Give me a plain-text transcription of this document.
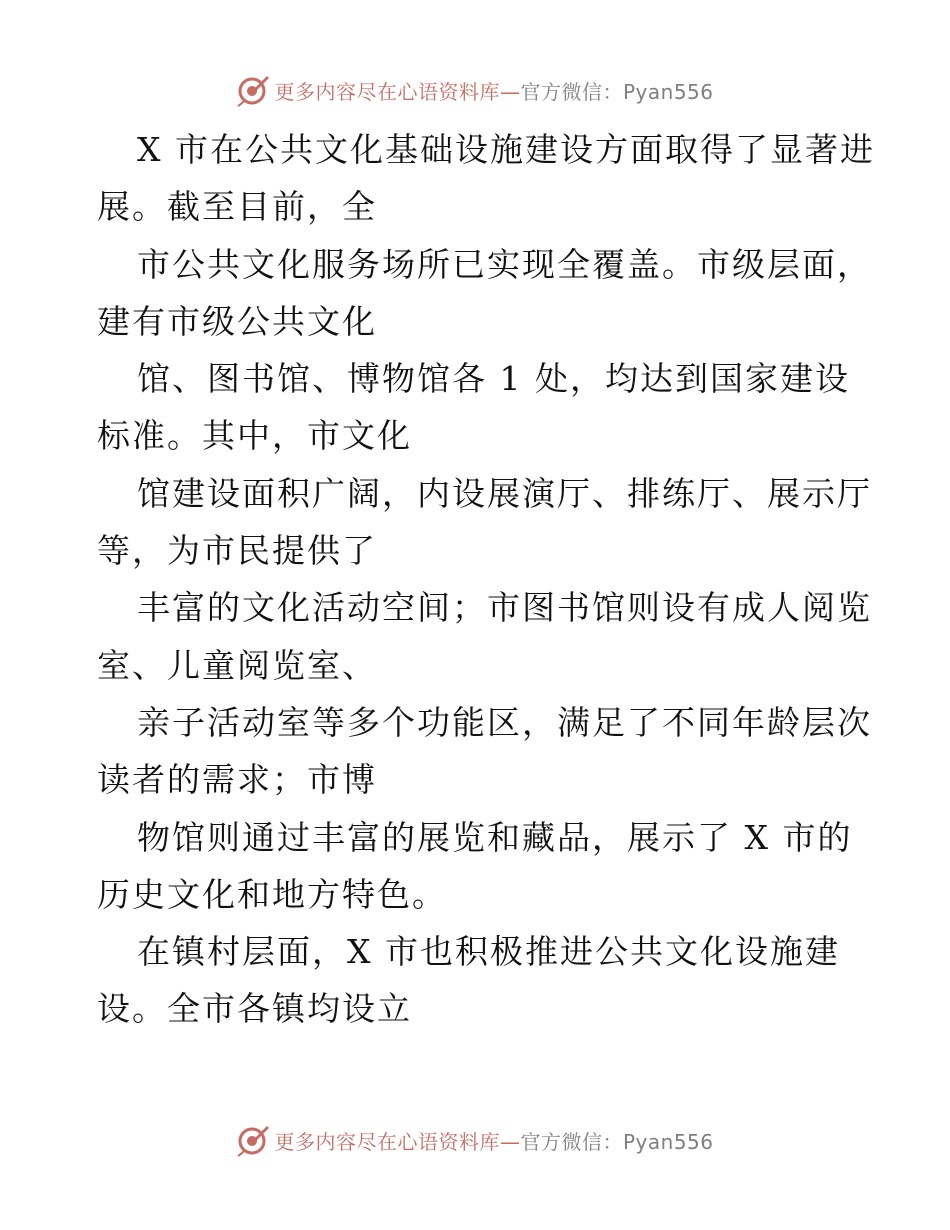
更多内容尽在心语资料库—官方微信：Pyan556
X 市在公共文化基础设施建设方面取得了显著进
展。截至目前，全
市公共文化服务场所已实现全覆盖。市级层面，
建有市级公共文化
馆、图书馆、博物馆各 1 处，均达到国家建设
标准。其中，市文化
馆建设面积广阔，内设展演厅、排练厅、展示厅
等，为市民提供了
丰富的文化活动空间；市图书馆则设有成人阅览
室、儿童阅览室、
亲子活动室等多个功能区，满足了不同年龄层次
读者的需求；市博
物馆则通过丰富的展览和藏品，展示了 X 市的
历史文化和地方特色。
在镇村层面，X 市也积极推进公共文化设施建
设。全市各镇均设立
更多内容尽在心语资料库—官方微信：Pyan556
